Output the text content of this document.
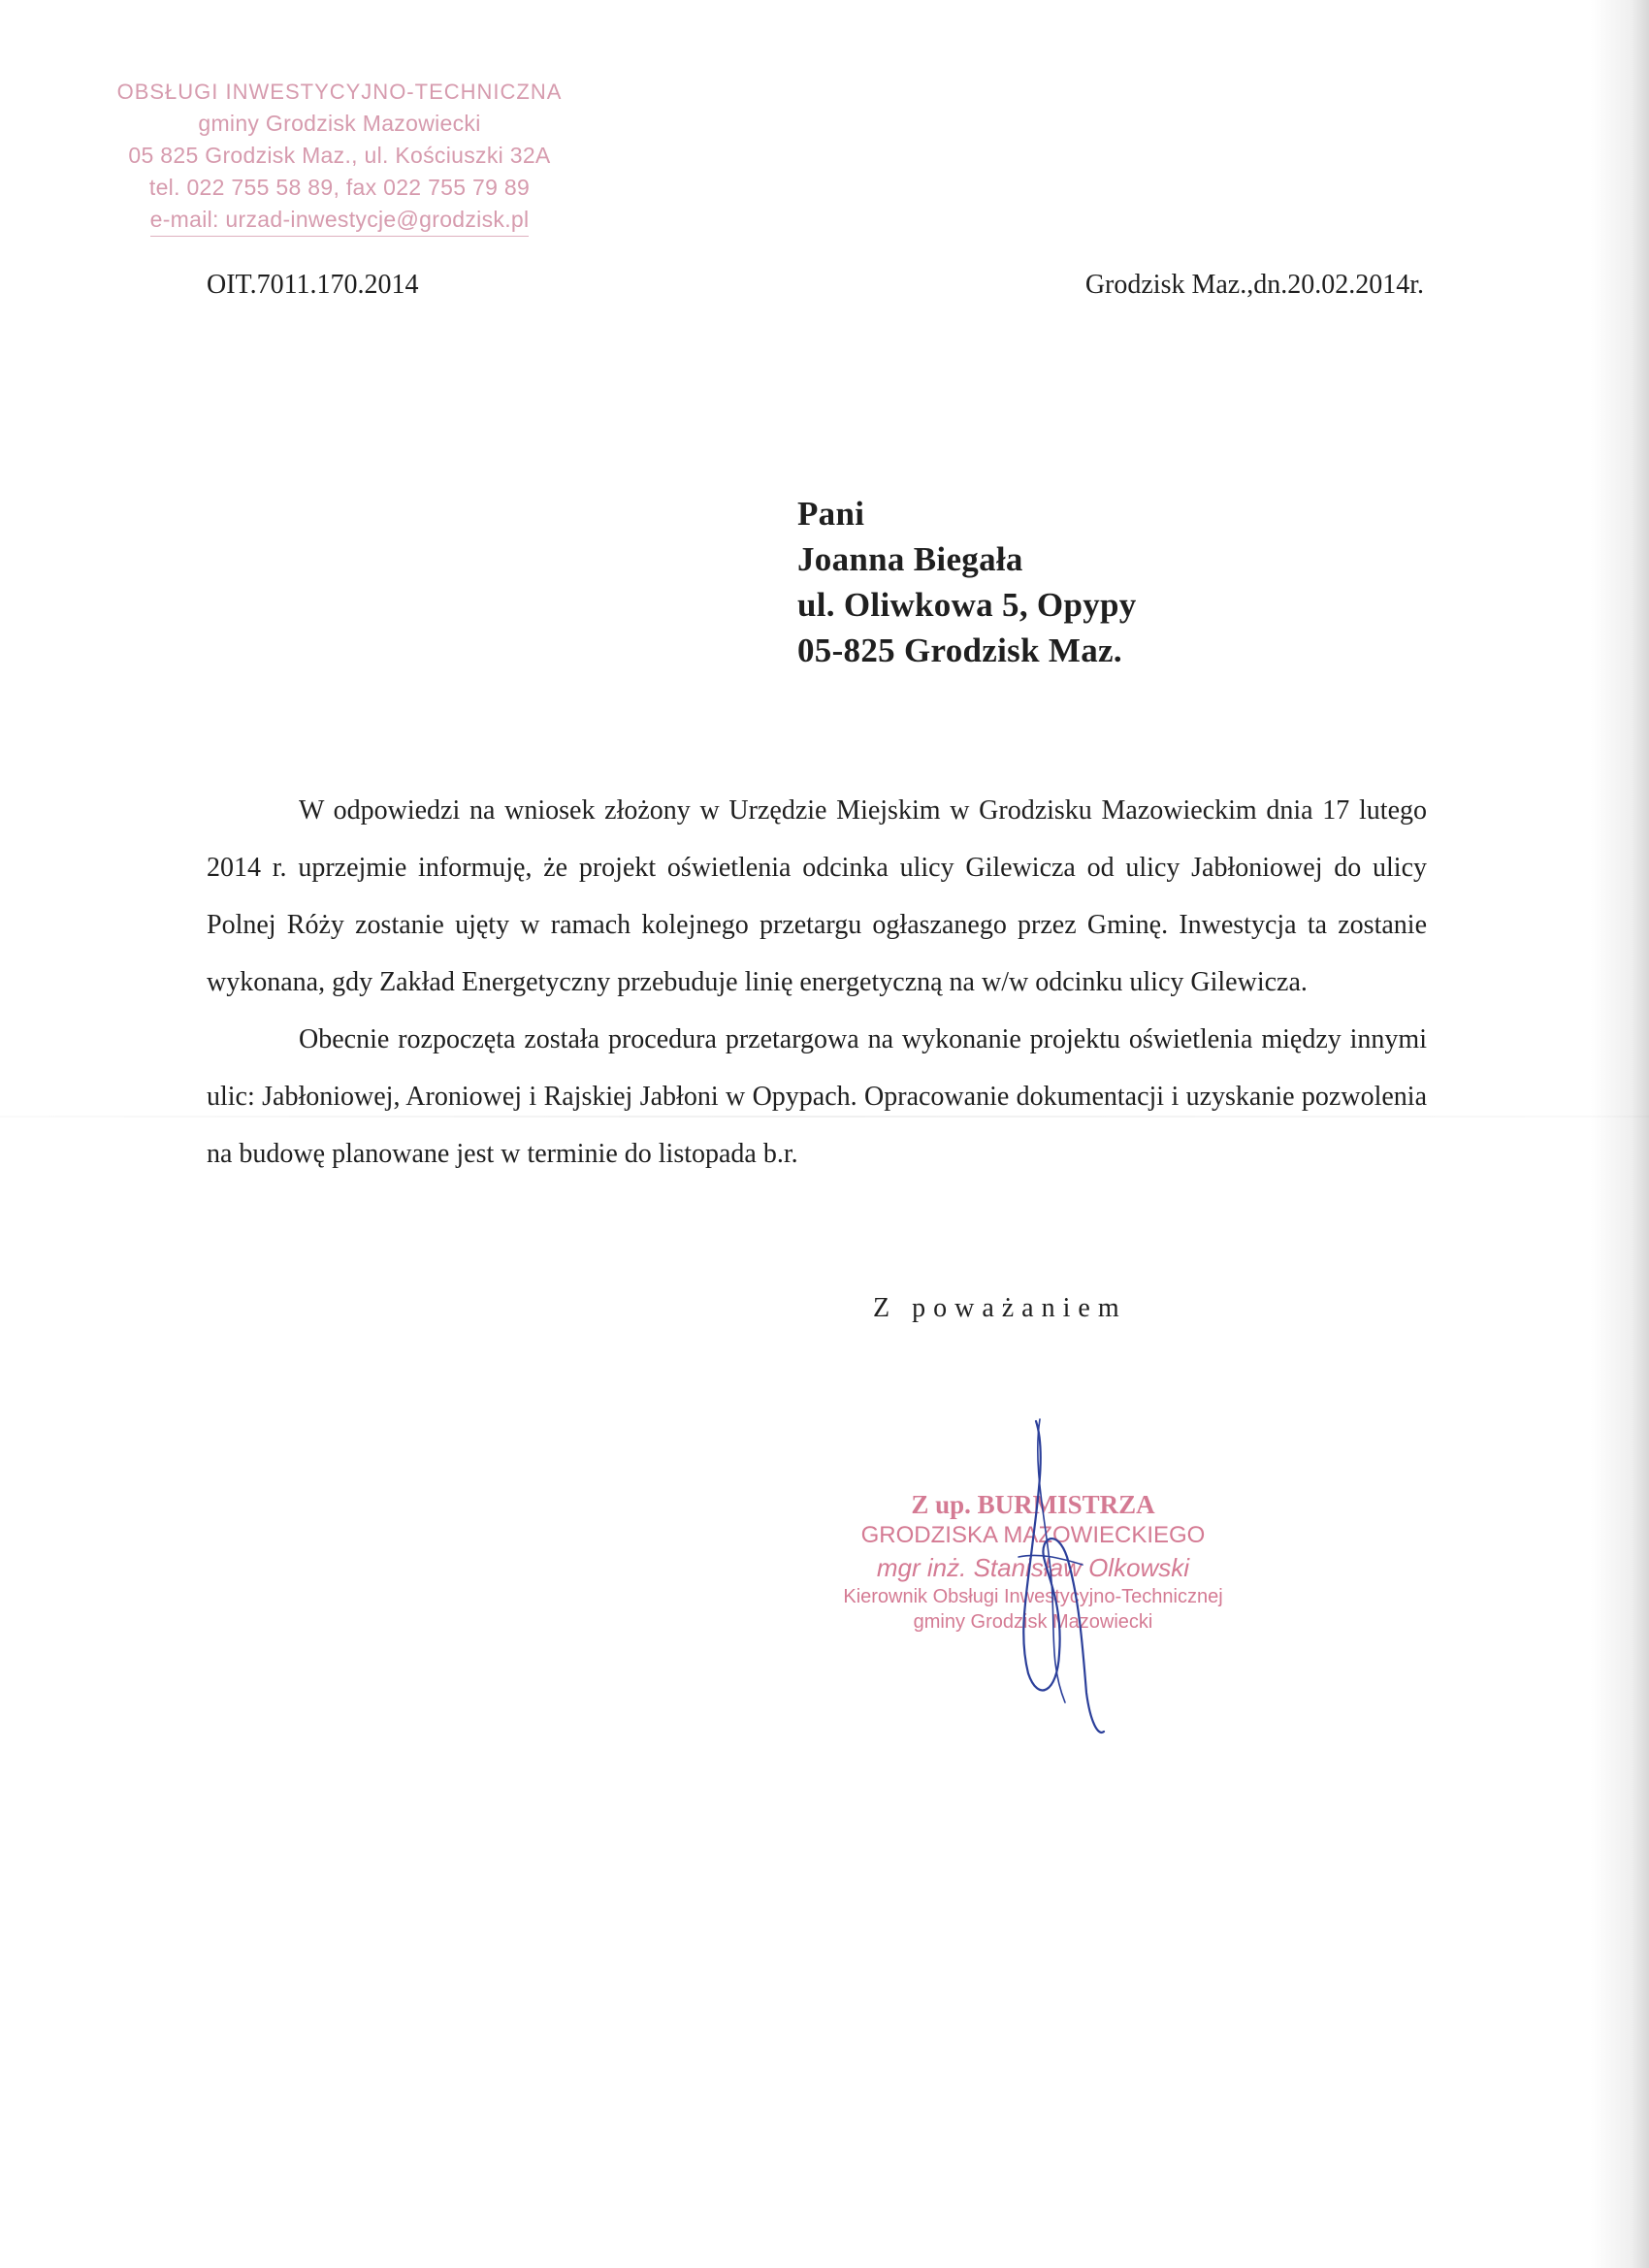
OBSŁUGI INWESTYCYJNO-TECHNICZNA
gminy Grodzisk Mazowiecki
05 825 Grodzisk Maz., ul. Kościuszki 32A
tel. 022 755 58 89, fax 022 755 79 89
e-mail: urzad-inwestycje@grodzisk.pl
OIT.7011.170.2014	Grodzisk Maz.,dn.20.02.2014r.
Pani
Joanna Biegała
ul. Oliwkowa 5, Opypy
05-825 Grodzisk Maz.

W odpowiedzi na wniosek złożony w Urzędzie Miejskim w Grodzisku Mazowieckim dnia 17 lutego 2014 r. uprzejmie informuję, że projekt oświetlenia odcinka ulicy Gilewicza od ulicy Jabłoniowej do ulicy Polnej Róży zostanie ujęty w ramach kolejnego przetargu ogłaszanego przez Gminę. Inwestycja ta zostanie wykonana, gdy Zakład Energetyczny przebuduje linię energetyczną na w/w odcinku ulicy Gilewicza.

Obecnie rozpoczęta została procedura przetargowa na wykonanie projektu oświetlenia między innymi ulic: Jabłoniowej, Aroniowej i Rajskiej Jabłoni w Opypach. Opracowanie dokumentacji i uzyskanie pozwolenia na budowę planowane jest w terminie do listopada b.r.

Z poważaniem
Z up. BURMISTRZA
GRODZISKA MAZOWIECKIEGO
mgr inż. Stanisław Olkowski
Kierownik Obsługi Inwestycyjno-Technicznej
gminy Grodzisk Mazowiecki
